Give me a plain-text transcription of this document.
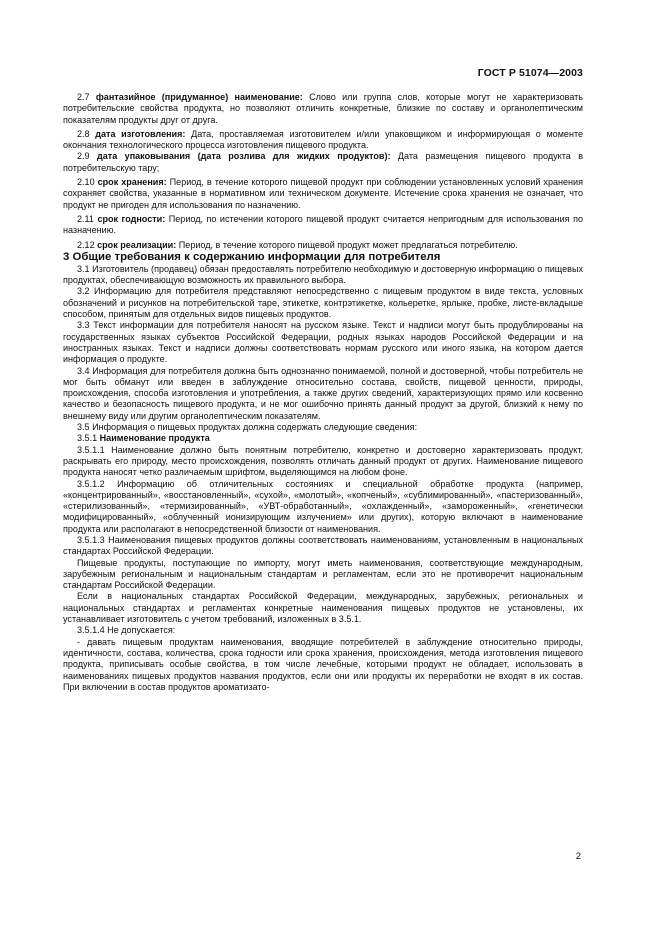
ГОСТ Р 51074—2003

2.7 фантазийное (придуманное) наименование: Слово или группа слов, которые могут не характеризовать потребительские свойства продукта, но позволяют отличить конкретные, близкие по составу и органолептическим показателям продукты друг от друга.

2.8 дата изготовления: Дата, проставляемая изготовителем и/или упаковщиком и информирующая о моменте окончания технологического процесса изготовления пищевого продукта.

2.9 дата упаковывания (дата розлива для жидких продуктов): Дата размещения пищевого продукта в потребительскую тару;

2.10 срок хранения: Период, в течение которого пищевой продукт при соблюдении установленных условий хранения сохраняет свойства, указанные в нормативном или техническом документе. Истечение срока хранения не означает, что продукт не пригоден для использования по назначению.

2.11 срок годности: Период, по истечении которого пищевой продукт считается непригодным для использования по назначению.

2.12 срок реализации: Период, в течение которого пищевой продукт может предлагаться потребителю.

3 Общие требования к содержанию информации для потребителя

3.1 Изготовитель (продавец) обязан предоставлять потребителю необходимую и достоверную информацию о пищевых продуктах, обеспечивающую возможность их правильного выбора.

3.2 Информацию для потребителя представляют непосредственно с пищевым продуктом в виде текста, условных обозначений и рисунков на потребительской таре, этикетке, контрэтикетке, кольеретке, ярлыке, пробке, листе-вкладыше способом, принятым для отдельных видов пищевых продуктов.

3.3 Текст информации для потребителя наносят на русском языке. Текст и надписи могут быть продублированы на государственных языках субъектов Российской Федерации, родных языках народов Российской Федерации и на иностранных языках. Текст и надписи должны соответствовать нормам русского или иного языка, на котором дается информация о продукте.

3.4 Информация для потребителя должна быть однозначно понимаемой, полной и достоверной, чтобы потребитель не мог быть обманут или введен в заблуждение относительно состава, свойств, пищевой ценности, природы, происхождения, способа изготовления и употребления, а также других сведений, характеризующих прямо или косвенно качество и безопасность пищевого продукта, и не мог ошибочно принять данный продукт за другой, близкий к нему по внешнему виду или другим органолептическим показателям.

3.5 Информация о пищевых продуктах должна содержать следующие сведения:

3.5.1 Наименование продукта

3.5.1.1 Наименование должно быть понятным потребителю, конкретно и достоверно характеризовать продукт, раскрывать его природу, место происхождения, позволять отличать данный продукт от других. Наименование пищевого продукта наносят четко различаемым шрифтом, выделяющимся на любом фоне.

3.5.1.2 Информацию об отличительных состояниях и специальной обработке продукта (например, «концентрированный», «восстановленный», «сухой», «молотый», «копченый», «сублимированный», «пастеризованный», «стерилизованный», «термизированный», «УВТ-обработанный», «охлажденный», «замороженный», «генетически модифицированный», «облученный ионизирующим излучением» или других), которую включают в наименование продукта или располагают в непосредственной близости от наименования.

3.5.1.3 Наименования пищевых продуктов должны соответствовать наименованиям, установленным в национальных стандартах Российской Федерации.

Пищевые продукты, поступающие по импорту, могут иметь наименования, соответствующие международным, зарубежным региональным и национальным стандартам и регламентам, если это не противоречит национальным стандартам Российской Федерации.

Если в национальных стандартах Российской Федерации, международных, зарубежных, региональных и национальных стандартах и регламентах конкретные наименования пищевых продуктов не установлены, их устанавливает изготовитель с учетом требований, изложенных в 3.5.1.

3.5.1.4 Не допускается:

- давать пищевым продуктам наименования, вводящие потребителей в заблуждение относительно природы, идентичности, состава, количества, срока годности или срока хранения, происхождения, метода изготовления пищевого продукта, приписывать особые свойства, в том числе лечебные, которыми продукт не обладает, использовать в наименованиях пищевых продуктов названия продуктов, если они или продукты их переработки не входят в их состав. При включении в состав продуктов ароматизато-

2
